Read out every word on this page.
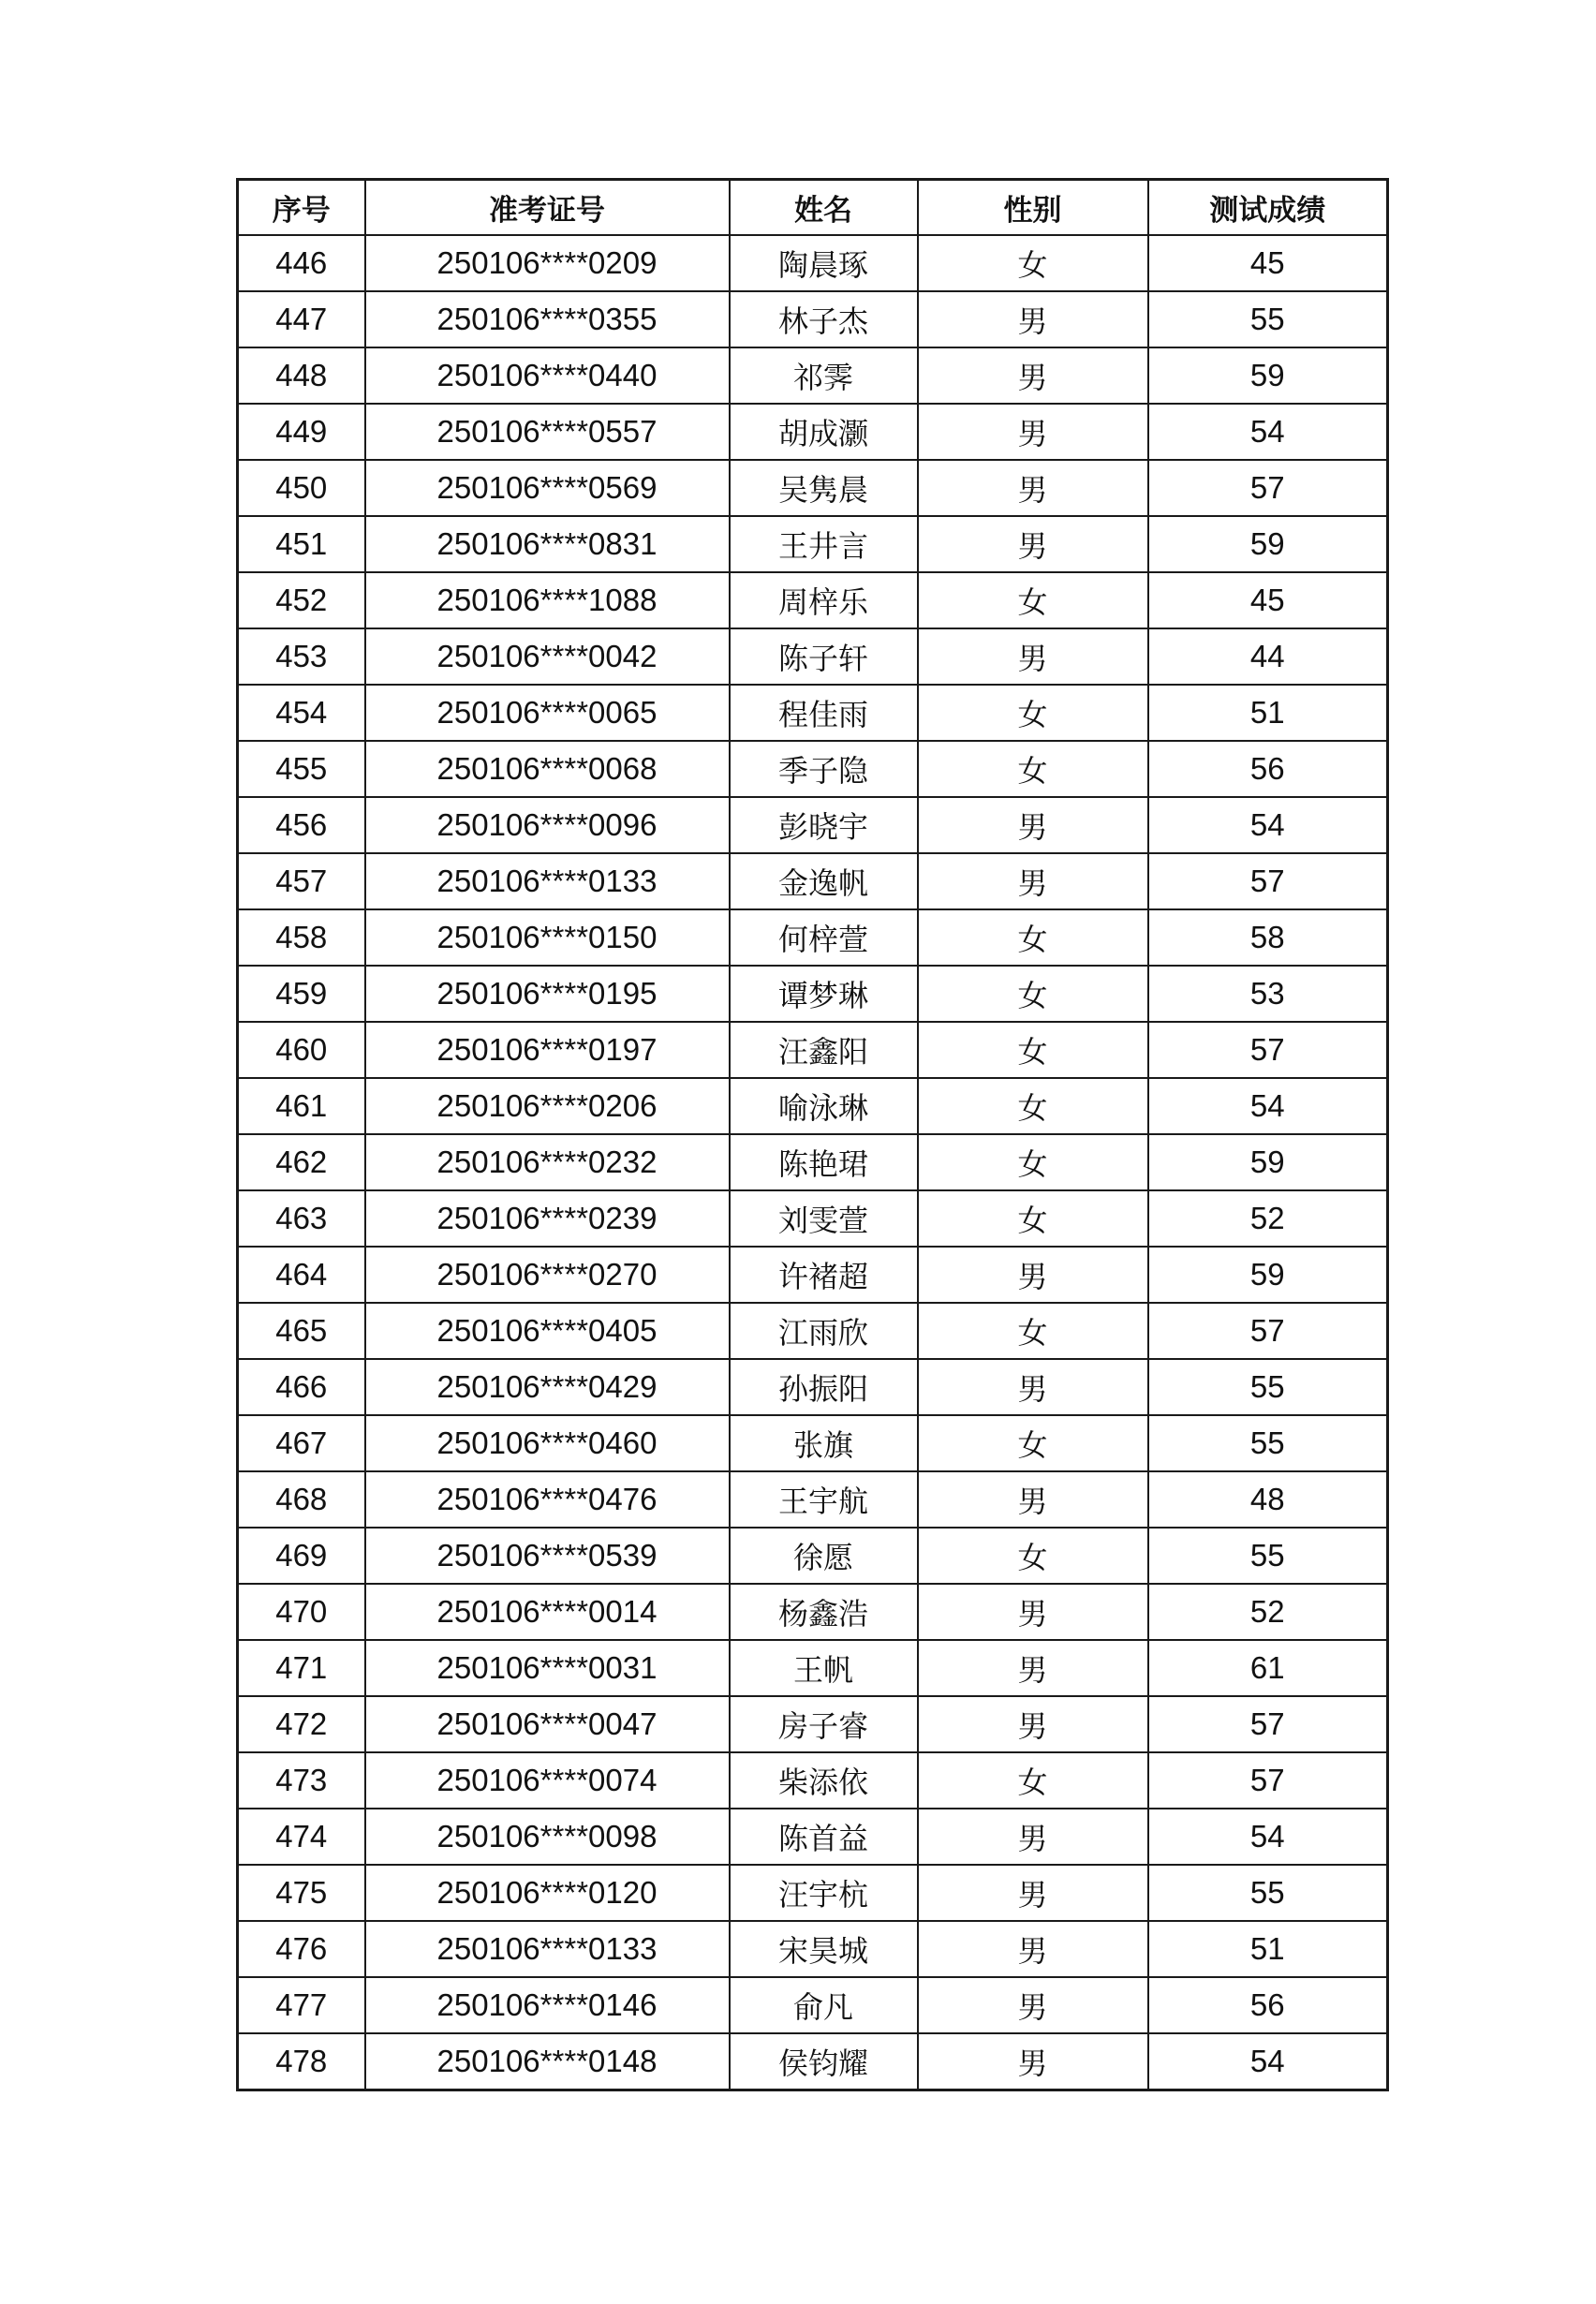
序号	准考证号	姓名	性别	测试成绩
446	250106****0209	陶晨琢	女	45
447	250106****0355	林子杰	男	55
448	250106****0440	祁霁	男	59
449	250106****0557	胡成灏	男	54
450	250106****0569	吴隽晨	男	57
451	250106****0831	王井言	男	59
452	250106****1088	周梓乐	女	45
453	250106****0042	陈子轩	男	44
454	250106****0065	程佳雨	女	51
455	250106****0068	季子隐	女	56
456	250106****0096	彭晓宇	男	54
457	250106****0133	金逸帆	男	57
458	250106****0150	何梓萱	女	58
459	250106****0195	谭梦琳	女	53
460	250106****0197	汪鑫阳	女	57
461	250106****0206	喻泳琳	女	54
462	250106****0232	陈艳珺	女	59
463	250106****0239	刘雯萱	女	52
464	250106****0270	许褚超	男	59
465	250106****0405	江雨欣	女	57
466	250106****0429	孙振阳	男	55
467	250106****0460	张旗	女	55
468	250106****0476	王宇航	男	48
469	250106****0539	徐愿	女	55
470	250106****0014	杨鑫浩	男	52
471	250106****0031	王帆	男	61
472	250106****0047	房子睿	男	57
473	250106****0074	柴添依	女	57
474	250106****0098	陈首益	男	54
475	250106****0120	汪宇杭	男	55
476	250106****0133	宋昊城	男	51
477	250106****0146	俞凡	男	56
478	250106****0148	侯钧耀	男	54
